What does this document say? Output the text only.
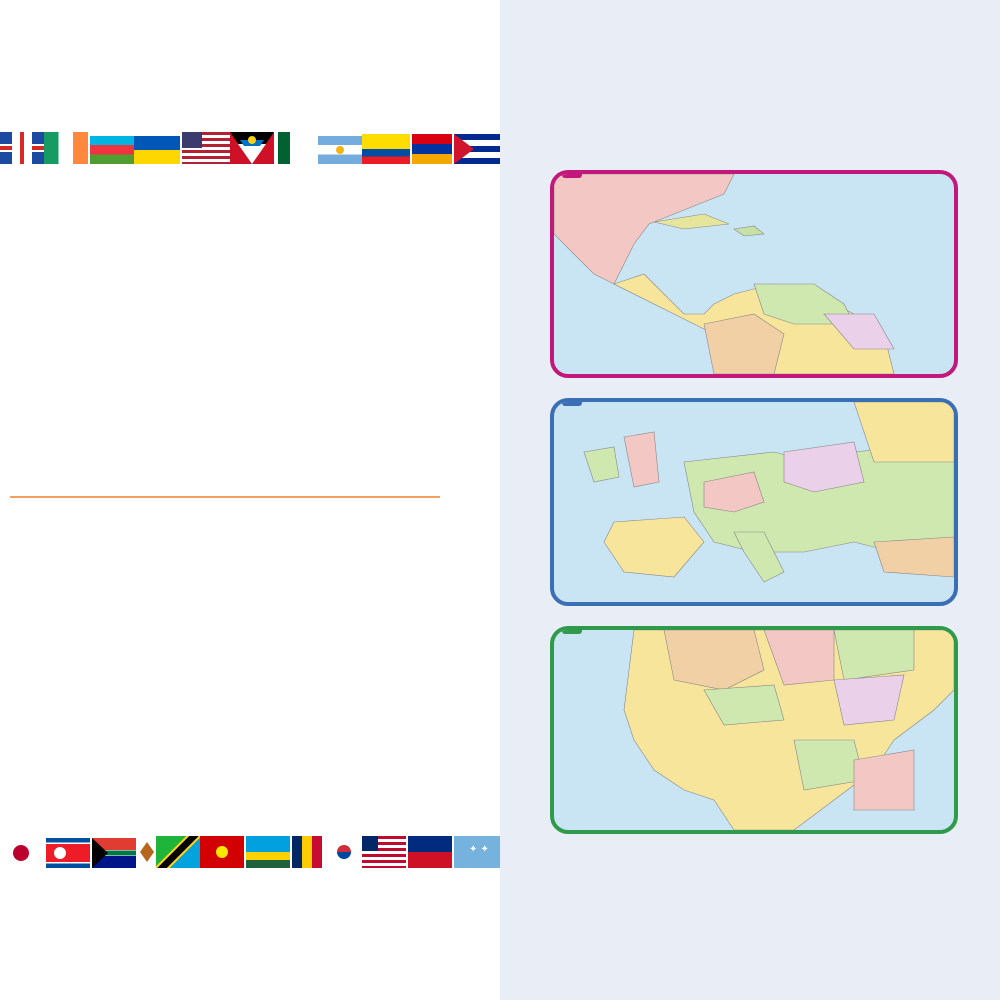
✦ ✦
